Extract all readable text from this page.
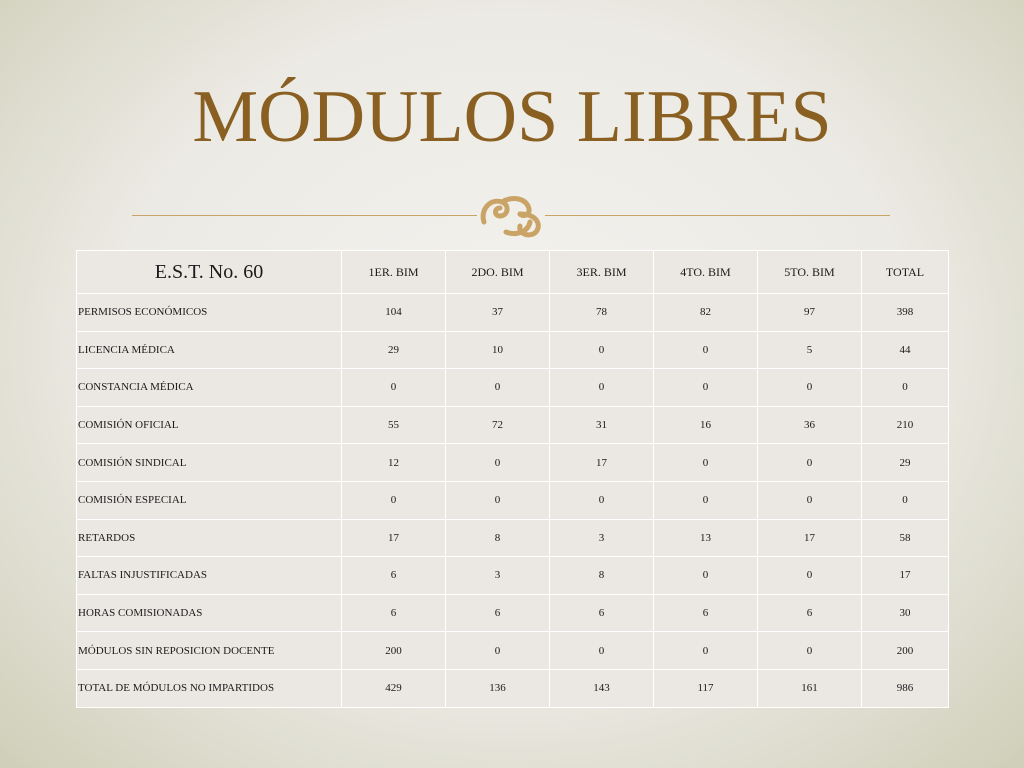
MÓDULOS LIBRES
E.S.T. No. 60	1ER. BIM	2DO. BIM	3ER. BIM	4TO. BIM	5TO. BIM	TOTAL
PERMISOS ECONÓMICOS	104	37	78	82	97	398
LICENCIA MÉDICA	29	10	0	0	5	44
CONSTANCIA MÉDICA	0	0	0	0	0	0
COMISIÓN OFICIAL	55	72	31	16	36	210
COMISIÓN SINDICAL	12	0	17	0	0	29
COMISIÓN ESPECIAL	0	0	0	0	0	0
RETARDOS	17	8	3	13	17	58
FALTAS INJUSTIFICADAS	6	3	8	0	0	17
HORAS COMISIONADAS	6	6	6	6	6	30
MÓDULOS SIN REPOSICION DOCENTE	200	0	0	0	0	200
TOTAL DE MÓDULOS NO IMPARTIDOS	429	136	143	117	161	986
